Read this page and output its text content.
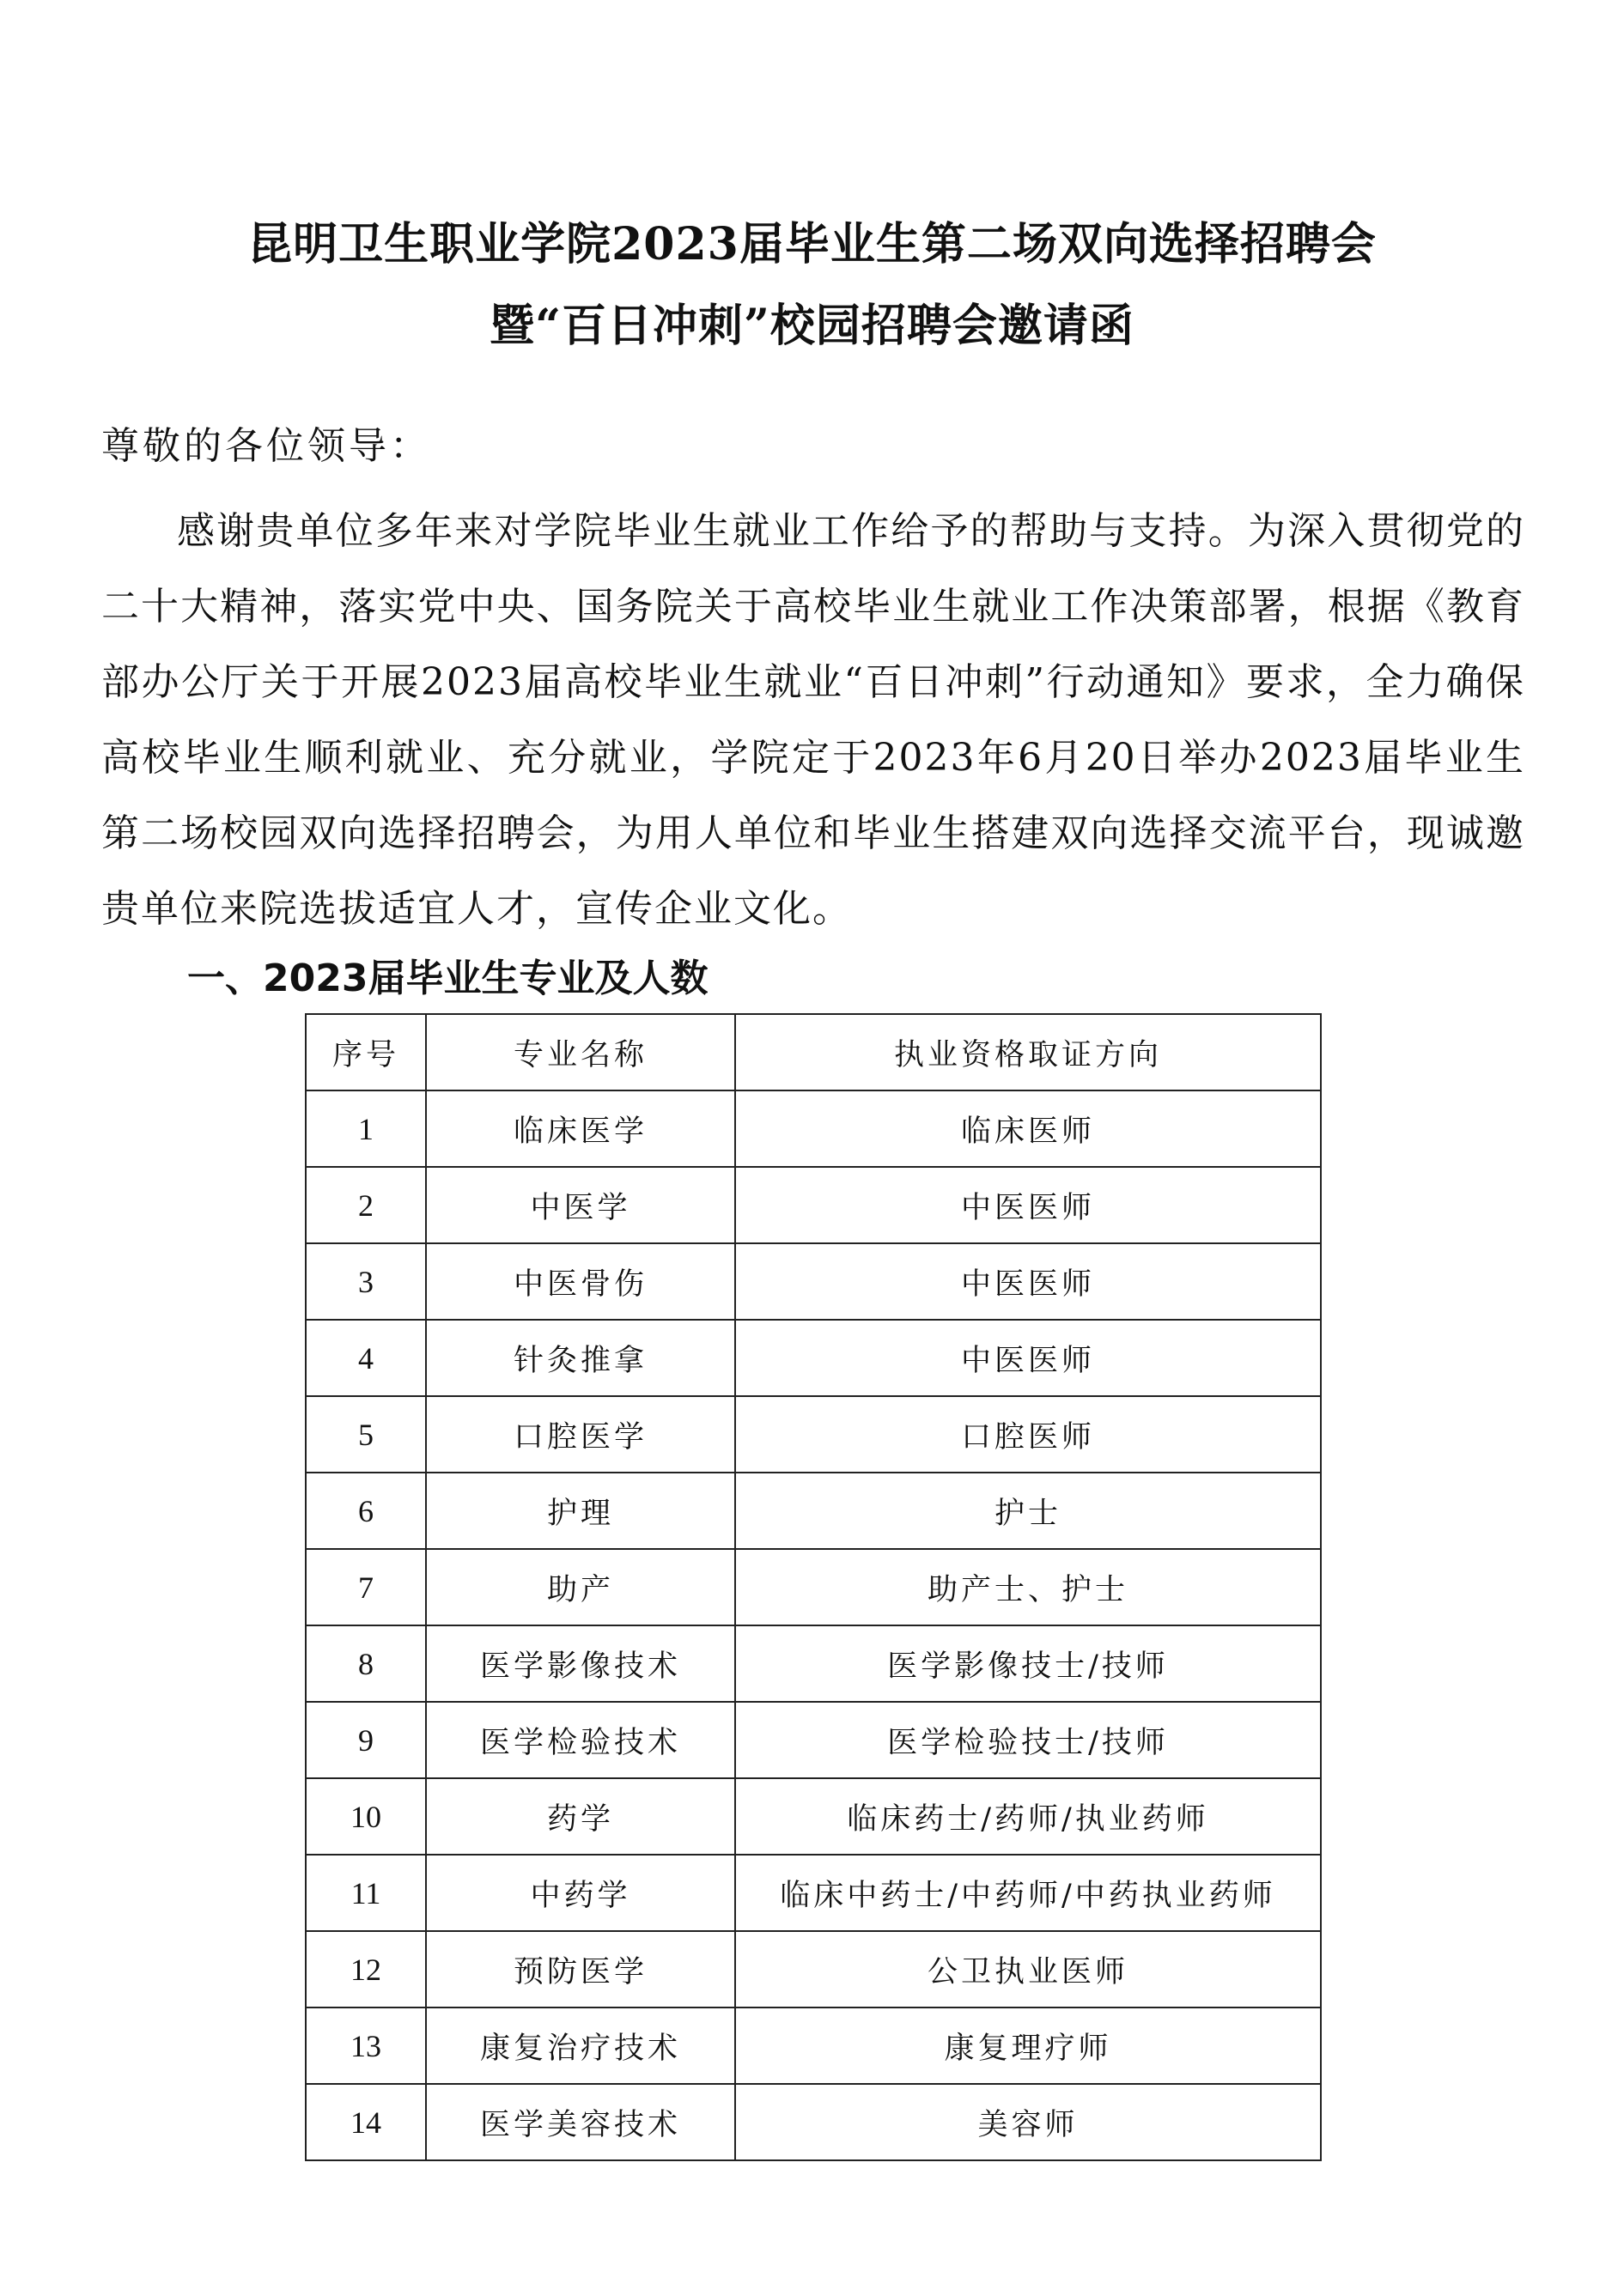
昆明卫生职业学院2023届毕业生第二场双向选择招聘会
暨“百日冲刺”校园招聘会邀请函
尊敬的各位领导：
感谢贵单位多年来对学院毕业生就业工作给予的帮助与支持。为深入贯彻党的二十大精神，落实党中央、国务院关于高校毕业生就业工作决策部署，根据《教育部办公厅关于开展2023届高校毕业生就业“百日冲刺”行动通知》要求，全力确保高校毕业生顺利就业、充分就业，学院定于2023年6月20日举办2023届毕业生第二场校园双向选择招聘会，为用人单位和毕业生搭建双向选择交流平台，现诚邀贵单位来院选拔适宜人才，宣传企业文化。
一、2023届毕业生专业及人数
序号	专业名称	执业资格取证方向
1	临床医学	临床医师
2	中医学	中医医师
3	中医骨伤	中医医师
4	针灸推拿	中医医师
5	口腔医学	口腔医师
6	护理	护士
7	助产	助产士、护士
8	医学影像技术	医学影像技士/技师
9	医学检验技术	医学检验技士/技师
10	药学	临床药士/药师/执业药师
11	中药学	临床中药士/中药师/中药执业药师
12	预防医学	公卫执业医师
13	康复治疗技术	康复理疗师
14	医学美容技术	美容师
